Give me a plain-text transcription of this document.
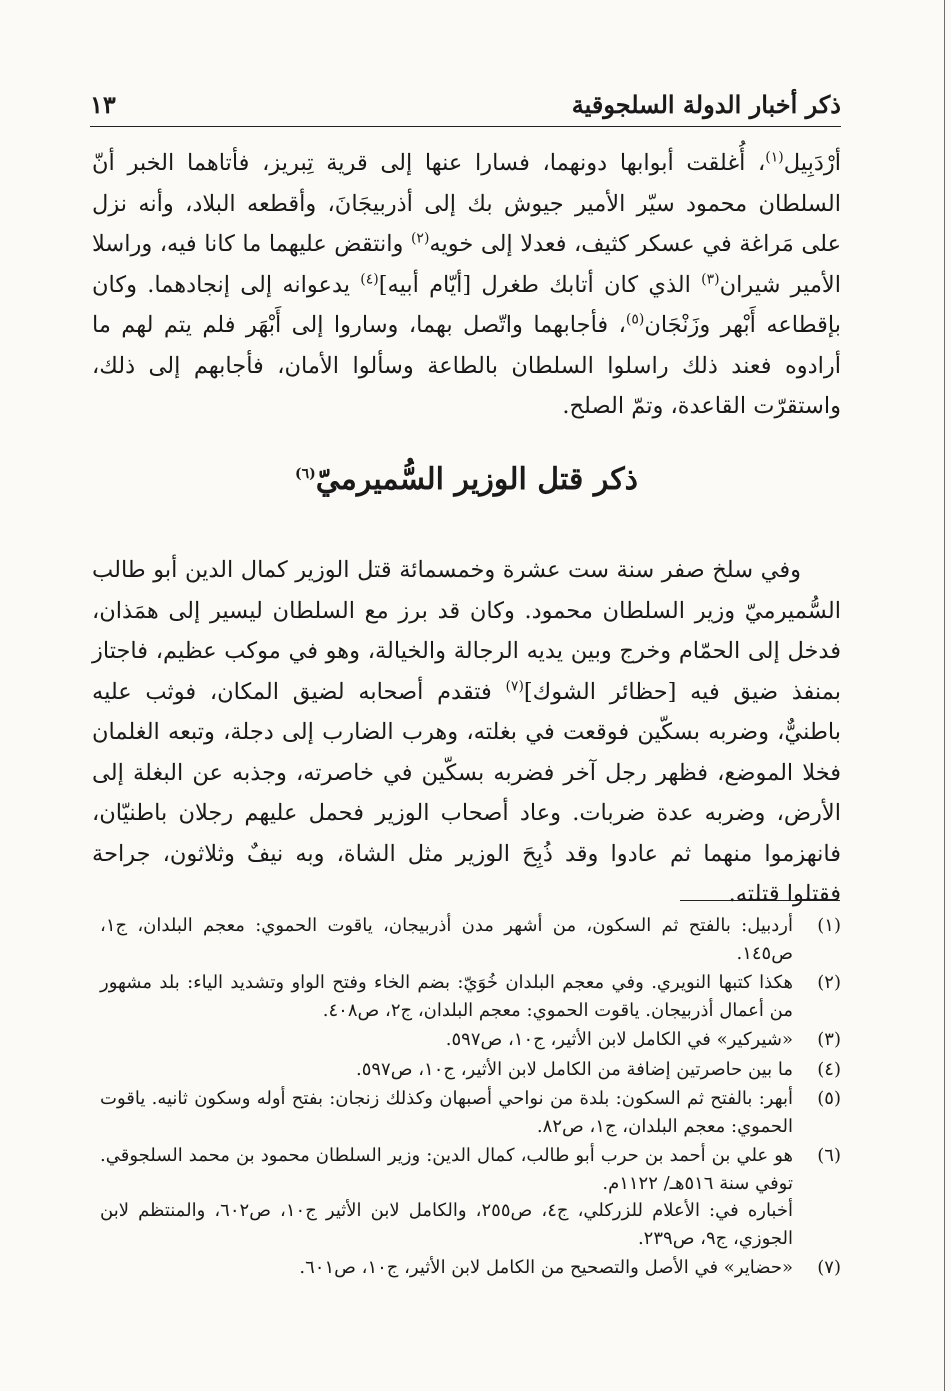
ذكر أخبار الدولة السلجوقية
١٣

أرْدَبِيل$^{(١)}$، أُغلقت أبوابها دونهما، فسارا عنها إلى قرية تِبريز، فأتاهما الخبر أنّ السلطان محمود سيّر الأمير جيوش بك إلى أذربيجَانَ، وأقطعه البلاد، وأنه نزل على مَراغة في عسكر كثيف، فعدلا إلى خويه$^{(٢)}$ وانتقض عليهما ما كانا فيه، وراسلا الأمير شيران$^{(٣)}$ الذي كان أتابك طغرل [أيّام أبيه]$^{(٤)}$ يدعوانه إلى إنجادهما. وكان بإقطاعه أَبْهر وزَنْجَان$^{(٥)}$، فأجابهما واتّصل بهما، وساروا إلى أَبْهَر فلم يتم لهم ما أرادوه فعند ذلك راسلوا السلطان بالطاعة وسألوا الأمان، فأجابهم إلى ذلك، واستقرّت القاعدة، وتمّ الصلح.

ذكر قتل الوزير السُّميرميّ$^{(٦)}$

وفي سلخ صفر سنة ست عشرة وخمسمائة قتل الوزير كمال الدين أبو طالب السُّميرميّ وزير السلطان محمود. وكان قد برز مع السلطان ليسير إلى همَذان، فدخل إلى الحمّام وخرج وبين يديه الرجالة والخيالة، وهو في موكب عظيم، فاجتاز بمنفذ ضيق فيه [حظائر الشوك]$^{(٧)}$ فتقدم أصحابه لضيق المكان، فوثب عليه باطنيٌّ، وضربه بسكّين فوقعت في بغلته، وهرب الضارب إلى دجلة، وتبعه الغلمان فخلا الموضع، فظهر رجل آخر فضربه بسكّين في خاصرته، وجذبه عن البغلة إلى الأرض، وضربه عدة ضربات. وعاد أصحاب الوزير فحمل عليهم رجلان باطنيّان، فانهزموا منهما ثم عادوا وقد ذُبِحَ الوزير مثل الشاة، وبه نيفٌ وثلاثون، جراحة فقتلوا قتلته.

(١)
أردبيل: بالفتح ثم السكون، من أشهر مدن أذربيجان، ياقوت الحموي: معجم البلدان، ج١، ص١٤٥.
(٢)
هكذا كتبها النويري. وفي معجم البلدان خُوَيّ: بضم الخاء وفتح الواو وتشديد الياء: بلد مشهور من أعمال أذربيجان. ياقوت الحموي: معجم البلدان، ج٢، ص٤٠٨.
(٣)
«شيركير» في الكامل لابن الأثير، ج١٠، ص٥٩٧.
(٤)
ما بين حاصرتين إضافة من الكامل لابن الأثير، ج١٠، ص٥٩٧.
(٥)
أبهر: بالفتح ثم السكون: بلدة من نواحي أصبهان وكذلك زنجان: بفتح أوله وسكون ثانيه. ياقوت الحموي: معجم البلدان، ج١، ص٨٢.
(٦)
هو علي بن أحمد بن حرب أبو طالب، كمال الدين: وزير السلطان محمود بن محمد السلجوقي. توفي سنة ٥١٦هـ/ ١١٢٢م.
أخباره في: الأعلام للزركلي، ج٤، ص٢٥٥، والكامل لابن الأثير ج١٠، ص٦٠٢، والمنتظم لابن الجوزي، ج٩، ص٢٣٩.
(٧)
«حضاير» في الأصل والتصحيح من الكامل لابن الأثير، ج١٠، ص٦٠١.
